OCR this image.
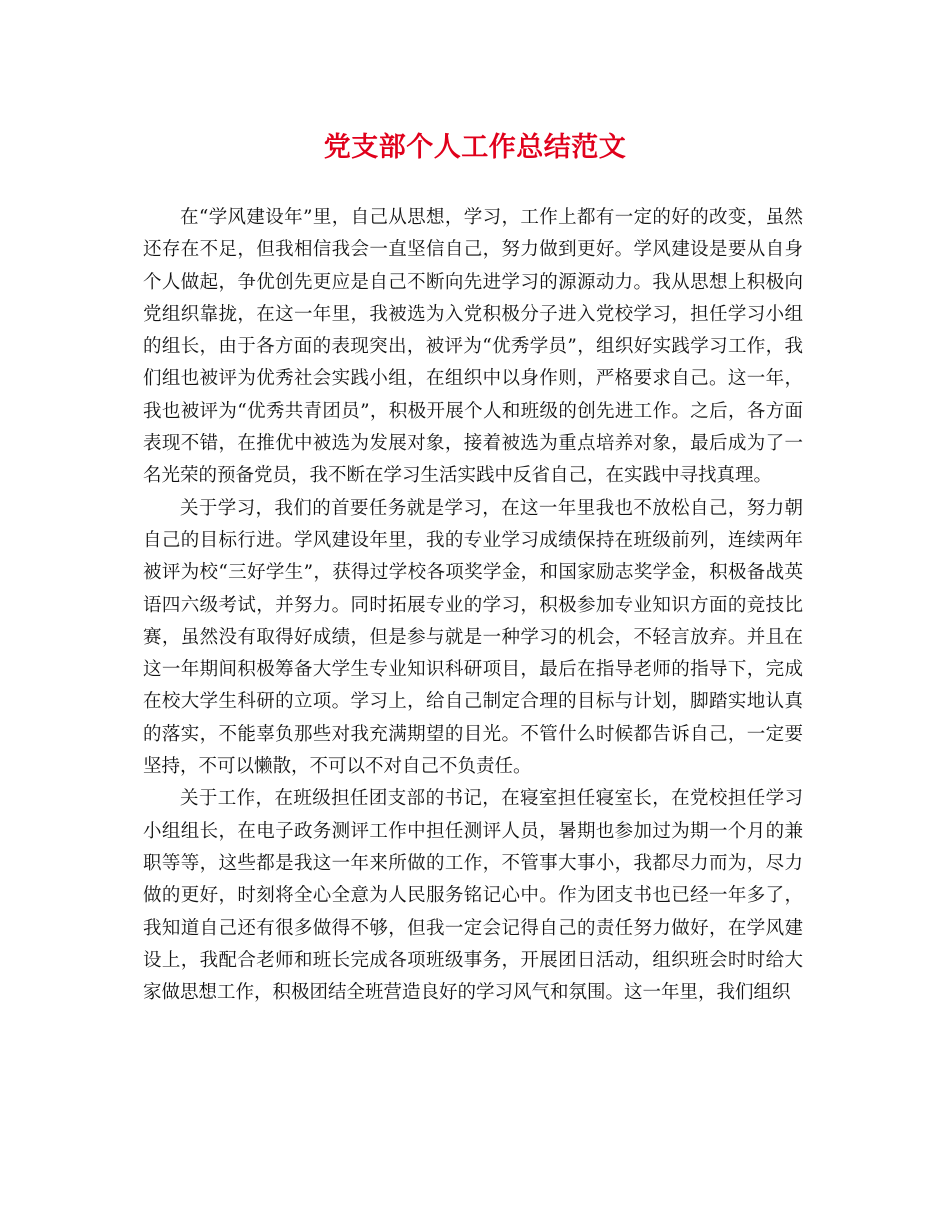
党支部个人工作总结范文

在“学风建设年”里，自己从思想，学习，工作上都有一定的好的改变，虽然还存在不足，但我相信我会一直坚信自己，努力做到更好。学风建设是要从自身个人做起，争优创先更应是自己不断向先进学习的源源动力。我从思想上积极向党组织靠拢，在这一年里，我被选为入党积极分子进入党校学习，担任学习小组的组长，由于各方面的表现突出，被评为“优秀学员”，组织好实践学习工作，我们组也被评为优秀社会实践小组，在组织中以身作则，严格要求自己。这一年，我也被评为“优秀共青团员”，积极开展个人和班级的创先进工作。之后，各方面表现不错，在推优中被选为发展对象，接着被选为重点培养对象，最后成为了一名光荣的预备党员，我不断在学习生活实践中反省自己，在实践中寻找真理。

关于学习，我们的首要任务就是学习，在这一年里我也不放松自己，努力朝自己的目标行进。学风建设年里，我的专业学习成绩保持在班级前列，连续两年被评为校“三好学生”，获得过学校各项奖学金，和国家励志奖学金，积极备战英语四六级考试，并努力。同时拓展专业的学习，积极参加专业知识方面的竞技比赛，虽然没有取得好成绩，但是参与就是一种学习的机会，不轻言放弃。并且在这一年期间积极筹备大学生专业知识科研项目，最后在指导老师的指导下，完成在校大学生科研的立项。学习上，给自己制定合理的目标与计划，脚踏实地认真的落实，不能辜负那些对我充满期望的目光。不管什么时候都告诉自己，一定要坚持，不可以懒散，不可以不对自己不负责任。

关于工作，在班级担任团支部的书记，在寝室担任寝室长，在党校担任学习小组组长，在电子政务测评工作中担任测评人员，暑期也参加过为期一个月的兼职等等，这些都是我这一年来所做的工作，不管事大事小，我都尽力而为，尽力做的更好，时刻将全心全意为人民服务铭记心中。作为团支书也已经一年多了，我知道自己还有很多做得不够，但我一定会记得自己的责任努力做好，在学风建设上，我配合老师和班长完成各项班级事务，开展团日活动，组织班会时时给大家做思想工作，积极团结全班营造良好的学习风气和氛围。这一年里，我们组织
